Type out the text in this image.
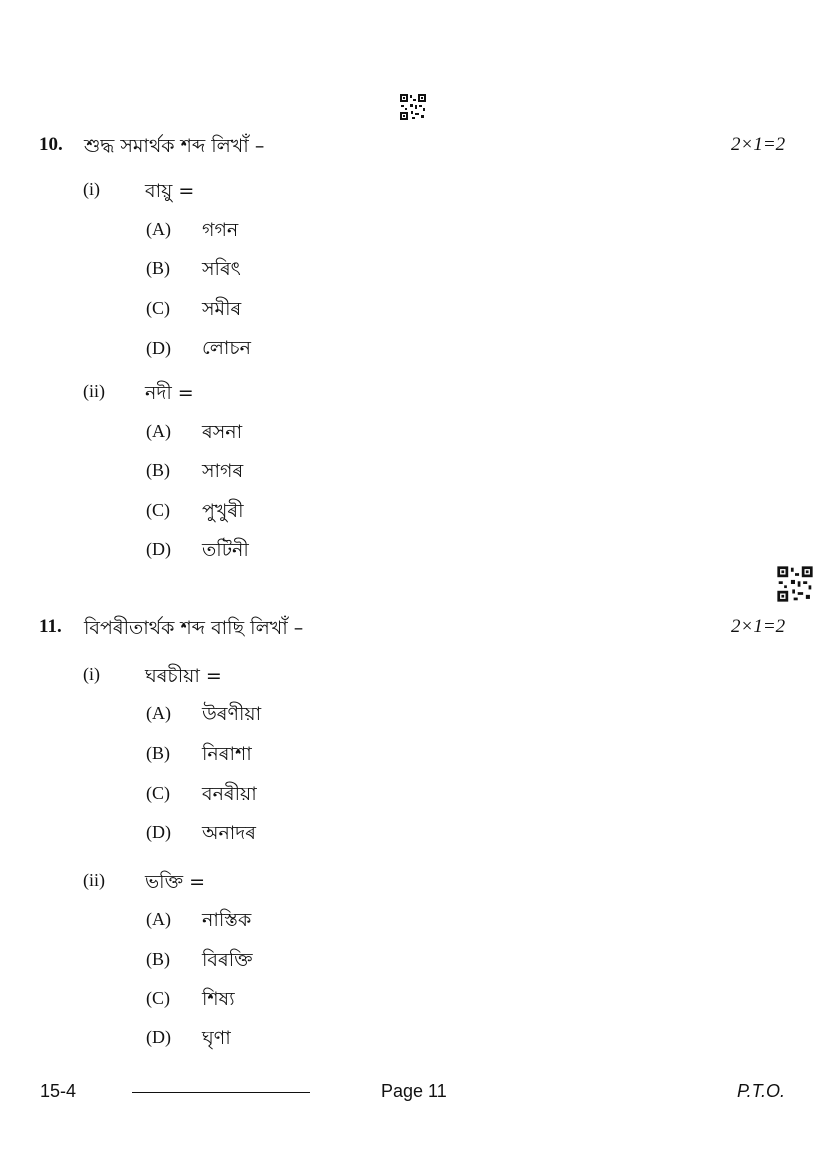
10. শুদ্ধ সমাৰ্থক শব্দ লিখাঁ –	2×1=2
(i) বায়ু =
(A) গগন
(B) সৰিৎ
(C) সমীৰ
(D) লোচন
(ii) নদী =
(A) ৰসনা
(B) সাগৰ
(C) পুখুৰী
(D) তটিনী
11. বিপৰীতাৰ্থক শব্দ বাছি লিখাঁ –	2×1=2
(i) ঘৰচীয়া =
(A) উৰণীয়া
(B) নিৰাশা
(C) বনৰীয়া
(D) অনাদৰ
(ii) ভক্তি =
(A) নাস্তিক
(B) বিৰক্তি
(C) শিষ্য
(D) ঘৃণা
15-4	Page 11	P.T.O.
